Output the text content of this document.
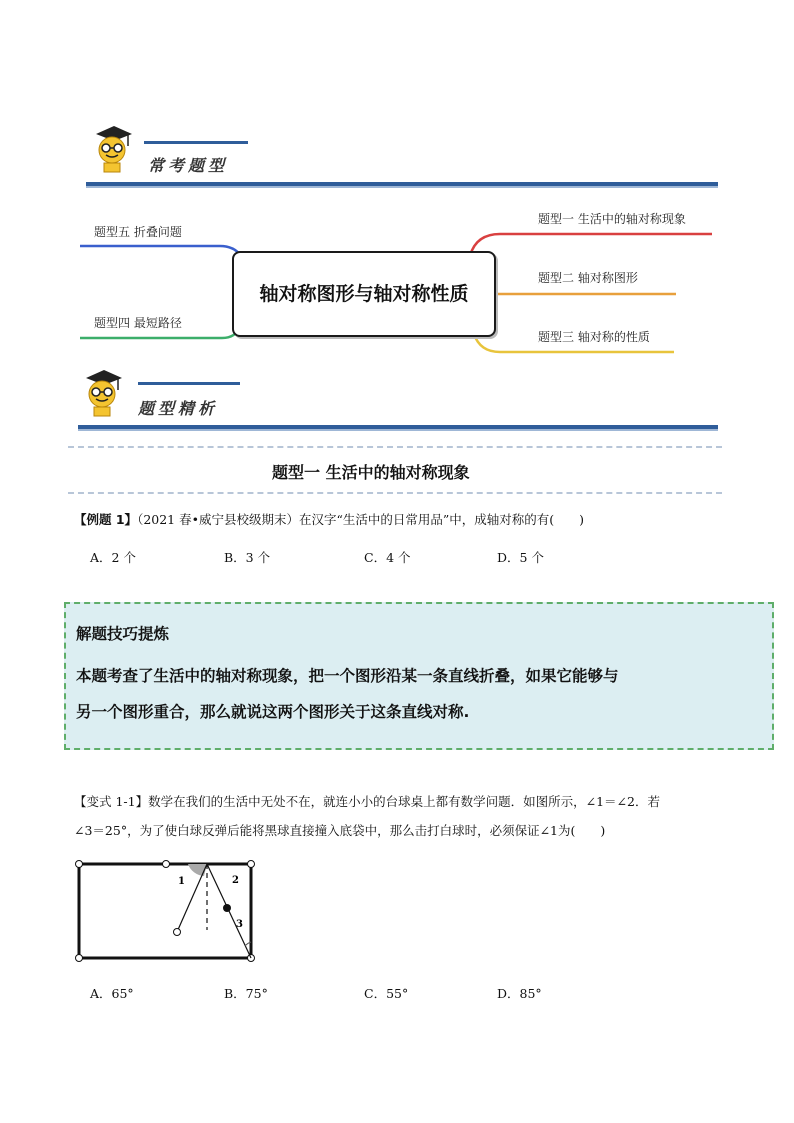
常考题型
题型一 生活中的轴对称现象
题型二 轴对称图形
题型三 轴对称的性质
题型五 折叠问题
题型四 最短路径
轴对称图形与轴对称性质
题型精析
题型一 生活中的轴对称现象
【例题 1】（2021 春•威宁县校级期末）在汉字“生活中的日常用品”中，成轴对称的有(　　)
A．2 个	B．3 个	C．4 个	D．5 个
解题技巧提炼
本题考查了生活中的轴对称现象，把一个图形沿某一条直线折叠，如果它能够与
另一个图形重合，那么就说这两个图形关于这条直线对称.
【变式 1-1】数学在我们的生活中无处不在，就连小小的台球桌上都有数学问题．如图所示，∠1＝∠2．若
∠3＝25°，为了使白球反弹后能将黑球直接撞入底袋中，那么击打白球时，必须保证∠1为(　　)
1	2
3
A．65°	B．75°	C．55°	D．85°
